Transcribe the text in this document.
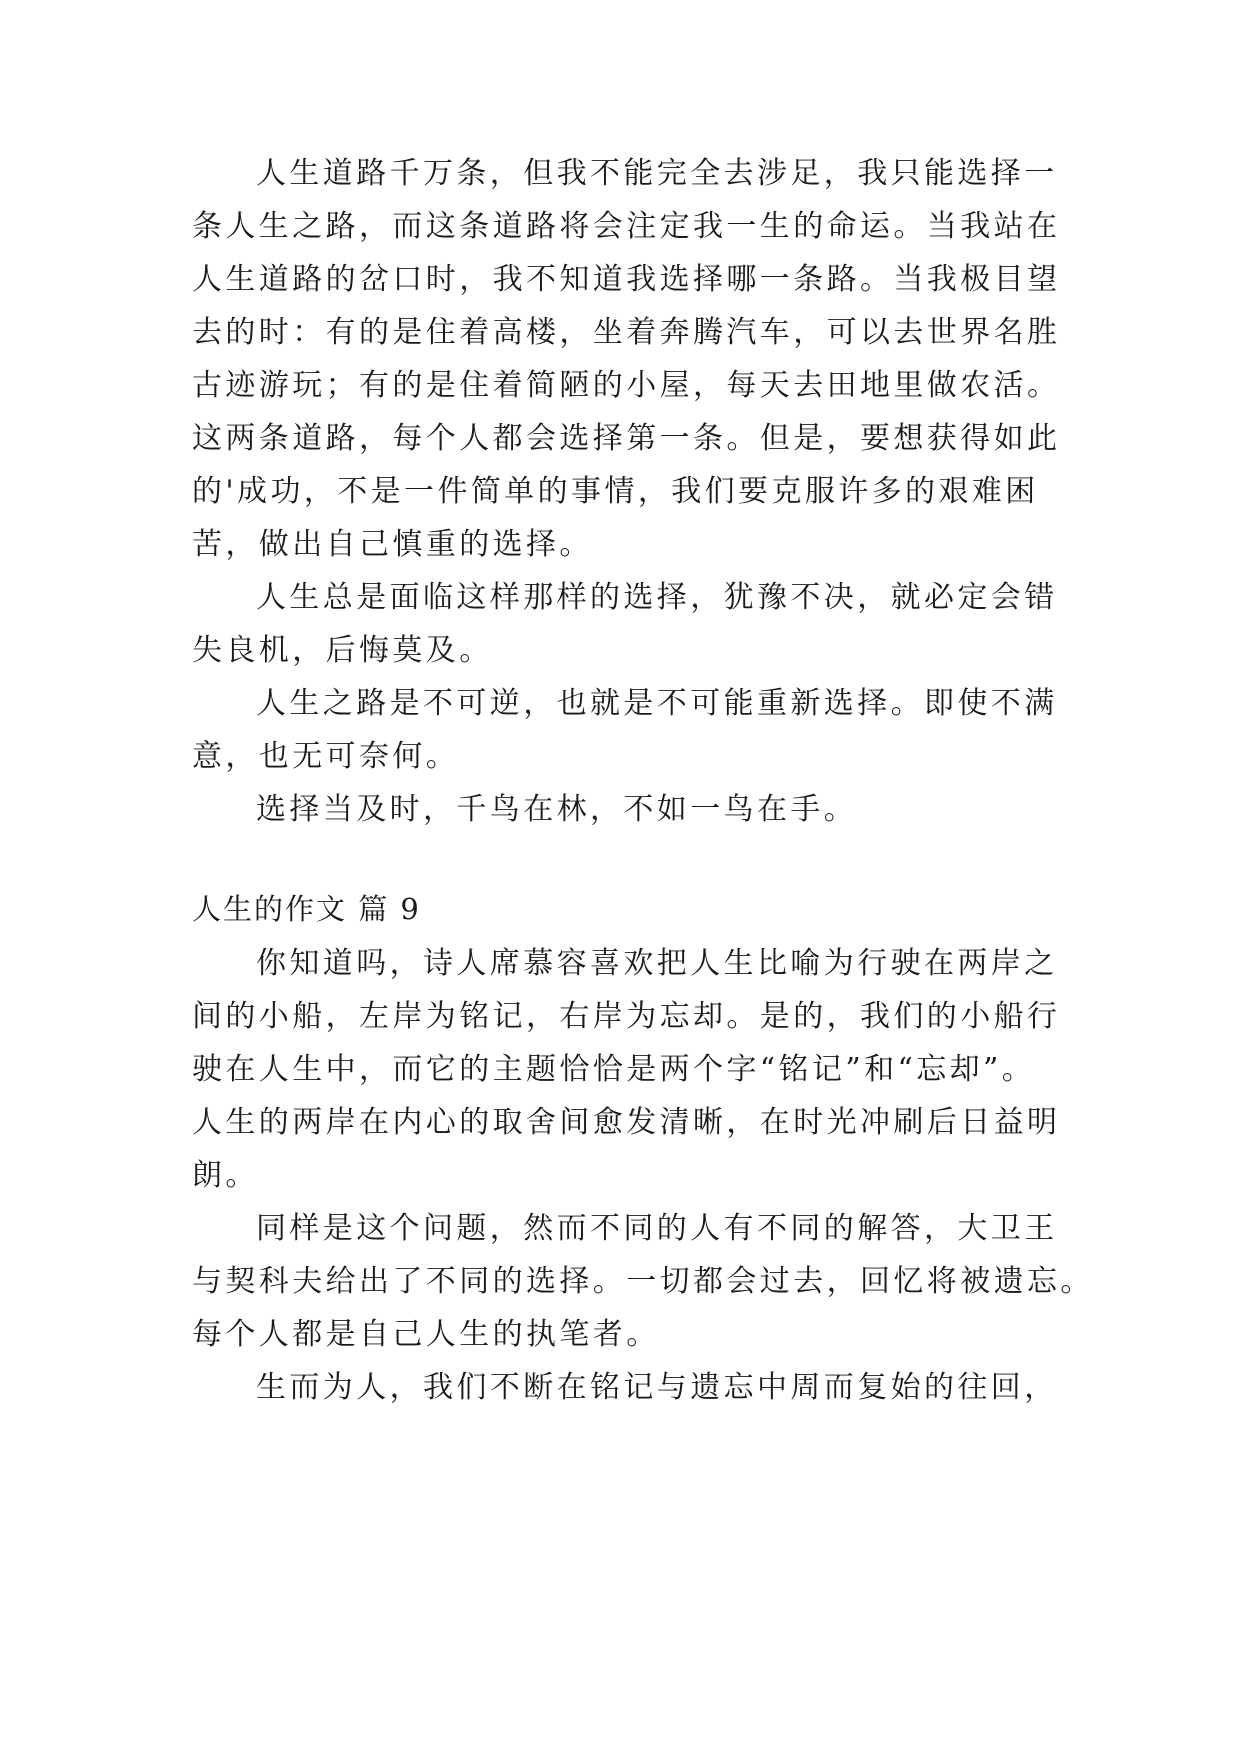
人生道路千万条，但我不能完全去涉足，我只能选择一
条人生之路，而这条道路将会注定我一生的命运。当我站在
人生道路的岔口时，我不知道我选择哪一条路。当我极目望
去的时：有的是住着高楼，坐着奔腾汽车，可以去世界名胜
古迹游玩；有的是住着简陋的小屋，每天去田地里做农活。
这两条道路，每个人都会选择第一条。但是，要想获得如此
的'成功，不是一件简单的事情，我们要克服许多的艰难困
苦，做出自己慎重的选择。
人生总是面临这样那样的选择，犹豫不决，就必定会错
失良机，后悔莫及。
人生之路是不可逆，也就是不可能重新选择。即使不满
意，也无可奈何。
选择当及时，千鸟在林，不如一鸟在手。
人生的作文 篇 9
你知道吗，诗人席慕容喜欢把人生比喻为行驶在两岸之
间的小船，左岸为铭记，右岸为忘却。是的，我们的小船行
驶在人生中，而它的主题恰恰是两个字“铭记”和“忘却”。
人生的两岸在内心的取舍间愈发清晰，在时光冲刷后日益明
朗。
同样是这个问题，然而不同的人有不同的解答，大卫王
与契科夫给出了不同的选择。一切都会过去，回忆将被遗忘。
每个人都是自己人生的执笔者。
生而为人，我们不断在铭记与遗忘中周而复始的往回，
